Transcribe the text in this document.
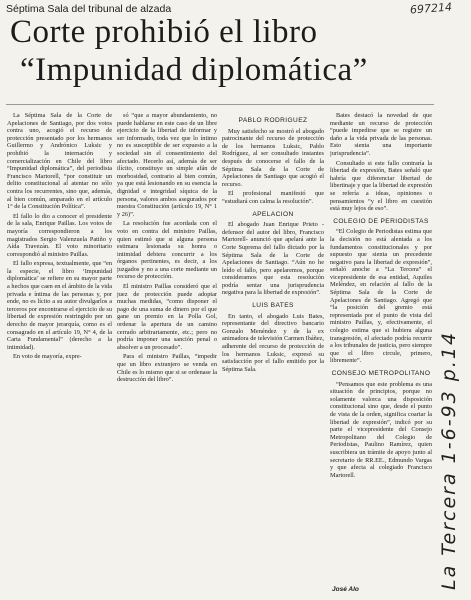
Séptima Sala del tribunal de alzada	697214
Corte prohibió el libro
“Impunidad diplomática”

La Séptima Sala de la Corte de Apelaciones de Santiago, por dos votos contra uno, acogió el recurso de protección presentado por los hermanos Guillermo y Andrónico Luksic y prohibió la internación y comercialización en Chile del libro “Impunidad diplomática”, del periodista Francisco Martorell, “por constituir un delito constitucional al atentar no sólo contra los recurrentes, sino que, además, al bien común, amparado en el artículo 1° de la Constitución Política”.

El fallo lo dio a conocer el presidente de la sala, Enrique Paillas. Los votos de mayoría correspondieron a los magistrados Sergio Valenzuela Patiño y Aída Travezán. El voto minoritario correspondió al ministro Paillas.

El fallo expresa, textualmente, que “en la especie, el libro ‘Impunidad diplomática’ se refiere en su mayor parte a hechos que caen en el ámbito de la vida privada e íntima de las personas y, por ende, no es lícito a su autor divulgarlos a terceros por encontrarse el ejercicio de su libertad de expresión restringido por un derecho de mayor jerarquía, como es el consagrado en el artículo 19, N° 4, de la Carta Fundamental” (derecho a la intimidad).

En voto de mayoría, expre-

só “que a mayor abundamiento, no puede hablarse en este caso de un libre ejercicio de la libertad de informar y ser informado, toda vez que lo íntimo no es susceptible de ser expuesto a la sociedad sin el consentimiento del afectado. Hecerlo así, además de ser ilícito, constituye un simple afán de morbosidad, contrario al bien común, ya que está lesionando en su esencia la dignidad e integridad síquica de la persona, valores ambos asegurados por nuestra Constitución (artículo 19, N° 1 y 26)”.

La resolución fue acordada con el voto en contra del ministro Paillas, quien estimó que si alguna persona estimara lesionada su honra o intimidad debiera concurrir a los órganos pertinentes, es decir, a los juzgados y no a una corte mediante un recurso de protección.

El ministro Paillas consideró que el juez de protección puede adoptar muchas medidas, “como disponer el pago de una suma de dinero por el que gane un premio en la Polla Gol, ordenar la apertura de un camino cerrado arbitrariamente, etc.; pero no podría imponer una sanción penal o absolver a un procesado”.

Para el ministro Paillas, “impedir que un libro extranjero se venda en Chile es lo mismo que si se ordenase la destrucción del libro”.

PABLO RODRIGUEZ

Muy satisfecho se mostró el abogado patrocinante del recurso de protección de los hermanos Luksic, Pablo Rodríguez, al ser consultado instantes después de conocerse el fallo de la Séptima Sala de la Corte de Apelaciones de Santiago que acogió el recurso.

El profesional manifestó que “estudiará con calma la resolución”.

APELACION

El abogado Juan Enrique Prieto -defensor del autor del libro, Francisco Martorell- anunció que apelará ante la Corte Suprema del fallo dictado por la Séptima Sala de la Corte de Apelaciones de Santiago. “Aún no he leído el fallo, pero apelaremos, porque consideramos que esta resolución podría sentar una jurisprudencia negativa para la libertad de expresión”.

LUIS BATES

En tanto, el abogado Luis Bates, representante del directivo bancario Gonzalo Menéndez y de la ex animadora de televisión Carmen Ibáñez, adherente del recurso de protección de los hermanos Luksic, expresó su satisfacción por el fallo emitido por la Séptima Sala.

Bates destacó la novedad de que mediante un recurso de protección “puede impedirse que se registre un daño a la vida privada de las personas. Esto sienta una importante jurisprudencia”.

Consultado si este fallo contraría la libertad de expresión, Bates señaló que habría que diferenciar libertad de libertinaje y que la libertad de expresión se refería a ideas, opiniones o pensamientos “y el libro en cuestión está muy lejos de eso”.

COLEGIO DE PERIODISTAS

“El Colegio de Periodistas estima que la decisión no está alentada a los fundamentos constitucionales y por supuesto que sienta un precedente negativo para la libertad de expresión”, señaló anoche a “La Tercera” el vicepresidente de esa entidad, Aquiles Meléndez, en relación al fallo de la Séptima Sala de la Corte de Apelaciones de Santiago. Agregó que “la posición del gremio está representada por el punto de vista del ministro Paillas, y, efectivamente, el colegio estima que si hubiera alguna transgresión, el afectado podría recurrir a los tribunales de justicia, pero siempre que el libro circule, primero, libremente”.

CONSEJO METROPOLITANO

“Pensamos que este problema es una situación de principios, porque no solamente valorca una disposición constitucional sino que, desde el punto de vista de la orden, significa coartar la libertad de expresión”, indicó por su parte el vicepresidente del Consejo Metropolitano del Colegio de Periodistas, Paulino Ramírez, quien suscribiera un trámite de apoyo junto al secretario de RR.EE., Edmundo Vargas y que afecta al colegiado Francisco Martorell.

José Alo	La Tercera 1-6-93 p.14
